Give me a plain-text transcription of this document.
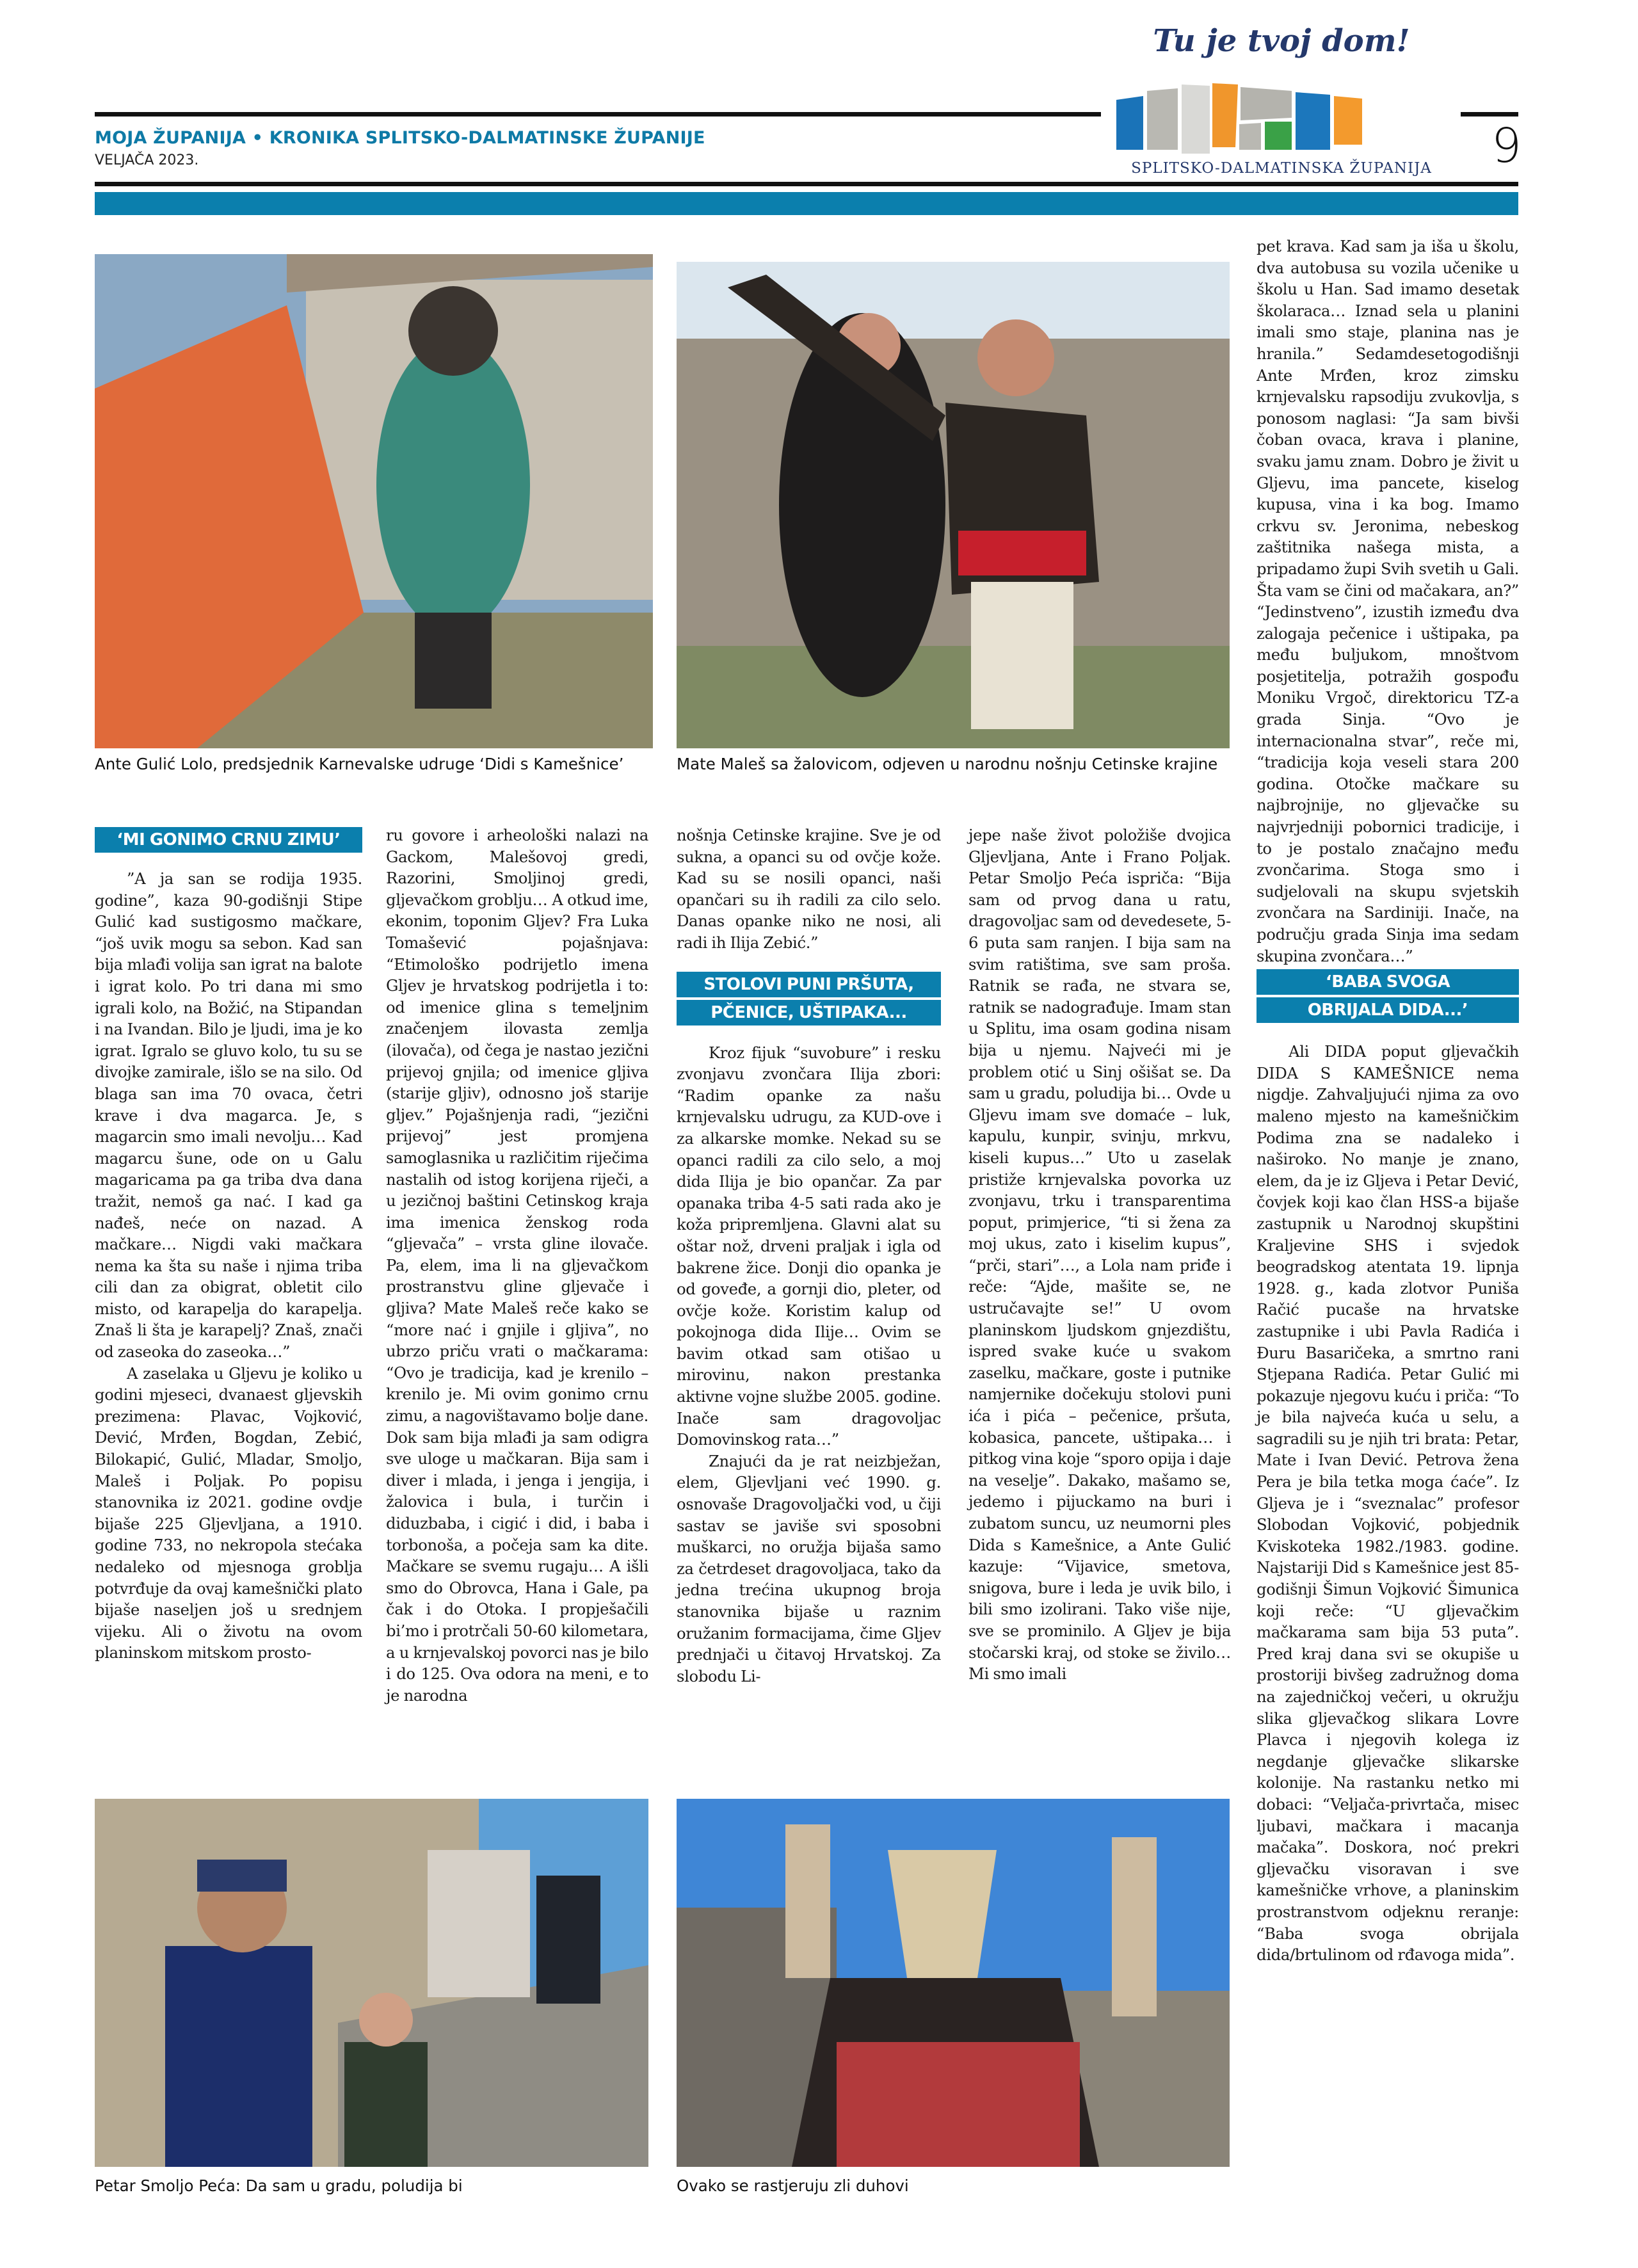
MOJA ŽUPANIJA • KRONIKA SPLITSKO-DALMATINSKE ŽUPANIJE
VELJAČA 2023.
Tu je tvoj dom!
SPLITSKO-DALMATINSKA ŽUPANIJA	9
Ante Gulić Lolo, predsjednik Karnevalske udruge ‘Didi s Kamešnice’	Mate Maleš sa žalovicom, odjeven u narodnu nošnju Cetinske krajine
‘MI GONIMO CRNU ZIMU’

”A ja san se rodija 1935. godine”, kaza 90-godišnji Stipe Gulić kad sustigosmo mačkare, “još uvik mogu sa sebon. Kad san bija mlađi volija san igrat na balote i igrat kolo. Po tri dana mi smo igrali kolo, na Božić, na Stipandan i na Ivandan. Bilo je ljudi, ima je ko igrat. Igralo se gluvo kolo, tu su se divojke zamirale, išlo se na silo. Od blaga san ima 70 ovaca, četri krave i dva magarca. Je, s magarcin smo imali nevolju… Kad magarcu šune, ode on u Galu magaricama pa ga triba dva dana tražit, nemoš ga nać. I kad ga nađeš, neće on nazad. A mačkare… Nigdi vaki mačkara nema ka šta su naše i njima triba cili dan za obigrat, obletit cilo misto, od karapelja do karapelja. Znaš li šta je karapelj? Znaš, znači od zaseoka do zaseoka…”

A zaselaka u Gljevu je koliko u godini mjeseci, dvanaest gljevskih prezimena: Plavac, Vojković, Dević, Mrđen, Bogdan, Zebić, Bilokapić, Gulić, Mladar, Smoljo, Maleš i Poljak. Po popisu stanovnika iz 2021. godine ovdje bijaše 225 Gljevljana, a 1910. godine 733, no nekropola stećaka nedaleko od mjesnoga groblja potvrđuje da ovaj kamešnički plato bijaše naseljen još u srednjem vijeku. Ali o životu na ovom planinskom mitskom prosto-

ru govore i arheološki nalazi na Gackom, Malešovoj gredi, Razorini, Smoljinoj gredi, gljevačkom groblju… A otkud ime, ekonim, toponim Gljev? Fra Luka Tomašević pojašnjava: “Etimološko podrijetlo imena Gljev je hrvatskog podrijetla i to: od imenice glina s temeljnim značenjem ilovasta zemlja (ilovača), od čega je nastao jezični prijevoj gnjila; od imenice gljiva (starije gljiv), odnosno još starije gljev.” Pojašnjenja radi, “jezični prijevoj” jest promjena samoglasnika u različitim riječima nastalih od istog korijena riječi, a u jezičnoj baštini Cetinskog kraja ima imenica ženskog roda “gljevača” – vrsta gline ilovače. Pa, elem, ima li na gljevačkom prostranstvu gline gljevače i gljiva? Mate Maleš reče kako se “more nać i gnjile i gljiva”, no ubrzo priču vrati o mačkarama: “Ovo je tradicija, kad je krenilo – krenilo je. Mi ovim gonimo crnu zimu, a nagovištavamo bolje dane. Dok sam bija mlađi ja sam odigra sve uloge u mačkaran. Bija sam i diver i mlada, i jenga i jengija, i žalovica i bula, i turčin i diduzbaba, i cigić i did, i baba i torbonoša, a počeja sam ka dite. Mačkare se svemu rugaju… A išli smo do Obrovca, Hana i Gale, pa čak i do Otoka. I propješačili bi’mo i protrčali 50-60 kilometara, a u krnjevalskoj povorci nas je bilo i do 125. Ova odora na meni, e to je narodna

nošnja Cetinske krajine. Sve je od sukna, a opanci su od ovčje kože. Kad su se nosili opanci, naši opančari su ih radili za cilo selo. Danas opanke niko ne nosi, ali radi ih Ilija Zebić.”

STOLOVI PUNI PRŠUTA,
PČENICE, UŠTIPAKA...

Kroz fijuk “suvobure” i resku zvonjavu zvončara Ilija zbori: “Radim opanke za našu krnjevalsku udrugu, za KUD-ove i za alkarske momke. Nekad su se opanci radili za cilo selo, a moj dida Ilija je bio opančar. Za par opanaka triba 4-5 sati rada ako je koža pripremljena. Glavni alat su oštar nož, drveni praljak i igla od bakrene žice. Donji dio opanka je od goveđe, a gornji dio, pleter, od ovčje kože. Koristim kalup od pokojnoga dida Ilije… Ovim se bavim otkad sam otišao u mirovinu, nakon prestanka aktivne vojne službe 2005. godine. Inače sam dragovoljac Domovinskog rata…”

Znajući da je rat neizbježan, elem, Gljevljani već 1990. g. osnovaše Dragovoljački vod, u čiji sastav se javiše svi sposobni muškarci, no oružja bijaša samo za četrdeset dragovoljaca, tako da jedna trećina ukupnog broja stanovnika bijaše u raznim oružanim formacijama, čime Gljev prednjači u čitavoj Hrvatskoj. Za slobodu Li-

jepe naše život položiše dvojica Gljevljana, Ante i Frano Poljak. Petar Smoljo Peća ispriča: “Bija sam od prvog dana u ratu, dragovoljac sam od devedesete, 5-6 puta sam ranjen. I bija sam na svim ratištima, sve sam proša. Ratnik se rađa, ne stvara se, ratnik se nadograđuje. Imam stan u Splitu, ima osam godina nisam bija u njemu. Najveći mi je problem otić u Sinj ošišat se. Da sam u gradu, poludija bi… Ovde u Gljevu imam sve domaće – luk, kapulu, kunpir, svinju, mrkvu, kiseli kupus…” Uto u zaselak pristiže krnjevalska povorka uz zvonjavu, trku i transparentima poput, primjerice, “ti si žena za moj ukus, zato i kiselim kupus”, “prči, stari”…, a Lola nam priđe i reče: “Ajde, mašite se, ne ustručavajte se!” U ovom planinskom ljudskom gnjezdištu, ispred svake kuće u svakom zaselku, mačkare, goste i putnike namjernike dočekuju stolovi puni ića i pića – pečenice, pršuta, kobasica, pancete, uštipaka… i pitkog vina koje “sporo opija i daje na veselje”. Dakako, mašamo se, jedemo i pijuckamo na buri i zubatom suncu, uz neumorni ples Dida s Kamešnice, a Ante Gulić kazuje: “Vijavice, smetova, snigova, bure i leda je uvik bilo, i bili smo izolirani. Tako više nije, sve se prominilo. A Gljev je bija stočarski kraj, od stoke se živilo… Mi smo imali

pet krava. Kad sam ja iša u školu, dva autobusa su vozila učenike u školu u Han. Sad imamo desetak školaraca… Iznad sela u planini imali smo staje, planina nas je hranila.” Sedamdesetogodišnji Ante Mrđen, kroz zimsku krnjevalsku rapsodiju zvukovlja, s ponosom naglasi: “Ja sam bivši čoban ovaca, krava i planine, svaku jamu znam. Dobro je živit u Gljevu, ima pancete, kiselog kupusa, vina i ka bog. Imamo crkvu sv. Jeronima, nebeskog zaštitnika našega mista, a pripadamo župi Svih svetih u Gali. Šta vam se čini od mačakara, an?” “Jedinstveno”, izustih između dva zalogaja pečenice i uštipaka, pa među buljukom, mnoštvom posjetitelja, potražih gospođu Moniku Vrgoč, direktoricu TZ-a grada Sinja. “Ovo je internacionalna stvar”, reče mi, “tradicija koja veseli stara 200 godina. Otočke mačkare su najbrojnije, no gljevačke su najvrjedniji pobornici tradicije, i to je postalo značajno među zvončarima. Stoga smo i sudjelovali na skupu svjetskih zvončara na Sardiniji. Inače, na području grada Sinja ima sedam skupina zvončara…”

‘BABA SVOGA
OBRIJALA DIDA...’

Ali DIDA poput gljevačkih DIDA S KAMEŠNICE nema nigdje. Zahvaljujući njima za ovo maleno mjesto na kamešničkim Podima zna se nadaleko i naširoko. No manje je znano, elem, da je iz Gljeva i Petar Dević, čovjek koji kao član HSS-a bijaše zastupnik u Narodnoj skupštini Kraljevine SHS i svjedok beogradskog atentata 19. lipnja 1928. g., kada zlotvor Puniša Račić pucaše na hrvatske zastupnike i ubi Pavla Radića i Đuru Basaričeka, a smrtno rani Stjepana Radića. Petar Gulić mi pokazuje njegovu kuću i priča: “To je bila najveća kuća u selu, a sagradili su je njih tri brata: Petar, Mate i Ivan Dević. Petrova žena Pera je bila tetka moga ćaće”. Iz Gljeva je i “sveznalac” profesor Slobodan Vojković, pobjednik Kviskoteka 1982./1983. godine. Najstariji Did s Kamešnice jest 85-godišnji Šimun Vojković Šimunica koji reče: “U gljevačkim mačkarama sam bija 53 puta”. Pred kraj dana svi se okupiše u prostoriji bivšeg zadružnog doma na zajedničkoj večeri, u okružju slika gljevačkog slikara Lovre Plavca i njegovih kolega iz negdanje gljevačke slikarske kolonije. Na rastanku netko mi dobaci: “Veljača-privrtača, misec ljubavi, mačkara i macanja mačaka”. Doskora, noć prekri gljevačku visoravan i sve kamešničke vrhove, a planinskim prostranstvom odjeknu reranje: “Baba svoga obrijala dida/brtulinom od rđavoga mida”.

Petar Smoljo Peća: Da sam u gradu, poludija bi	Ovako se rastjeruju zli duhovi
